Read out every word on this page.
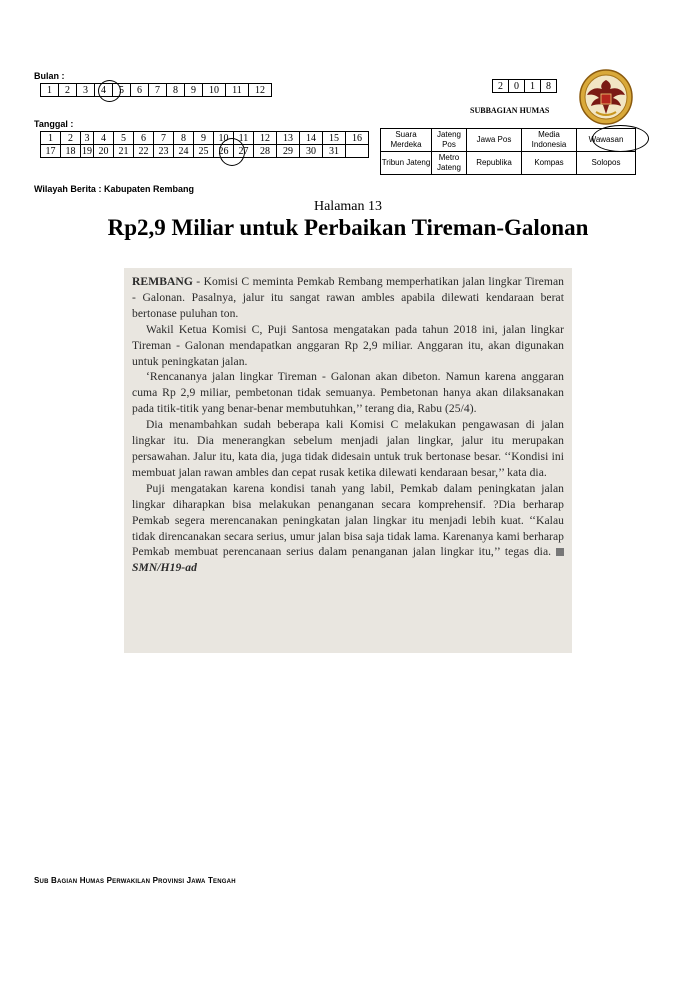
Bulan :
1	2	3	4	5	6	7	8	9	10	11	12
Tanggal :
1	2	3	4	5	6	7	8	9	10	11	12	13	14	15	16
17	18	19	20	21	22	23	24	25	26	27	28	29	30	31	
Wilayah Berita : Kabupaten Rembang
2	0	1	8
SUBBAGIAN HUMAS
Suara Merdeka	Jateng Pos	Jawa Pos	Media Indonesia	Wawasan
Tribun Jateng	Metro Jateng	Republika	Kompas	Solopos
Halaman 13
Rp2,9 Miliar untuk Perbaikan Tireman-Galonan

REMBANG - Komisi C meminta Pemkab Rembang memperhatikan jalan lingkar Tireman - Galonan. Pasalnya, jalur itu sangat rawan ambles apabila dilewati kendaraan berat bertonase puluhan ton.

Wakil Ketua Komisi C, Puji Santosa mengatakan pada tahun 2018 ini, jalan lingkar Tireman - Galonan mendapatkan anggaran Rp 2,9 miliar. Anggaran itu, akan digunakan untuk peningkatan jalan.

‘Rencananya jalan lingkar Tireman - Galonan akan dibeton. Namun karena anggaran cuma Rp 2,9 miliar, pembetonan tidak semuanya. Pembetonan hanya akan dilaksanakan pada titik-titik yang benar-benar membutuhkan,’’ terang dia, Rabu (25/4).

Dia menambahkan sudah beberapa kali Komisi C melakukan pengawasan di jalan lingkar itu. Dia menerangkan sebelum menjadi jalan lingkar, jalur itu merupakan persawahan. Jalur itu, kata dia, juga tidak didesain untuk truk bertonase besar. ‘‘Kondisi ini membuat jalan rawan ambles dan cepat rusak ketika dilewati kendaraan besar,’’ kata dia.

Puji mengatakan karena kondisi tanah yang labil, Pemkab dalam peningkatan jalan lingkar diharapkan bisa melakukan penanganan secara komprehensif. ?Dia berharap Pemkab segera merencanakan peningkatan jalan lingkar itu menjadi lebih kuat. ‘‘Kalau tidak direncanakan secara serius, umur jalan bisa saja tidak lama. Karenanya kami berharap Pemkab membuat perencanaan serius dalam penanganan jalan lingkar itu,’’ tegas dia.  SMN/H19-ad

Sub Bagian Humas Perwakilan Provinsi Jawa Tengah
